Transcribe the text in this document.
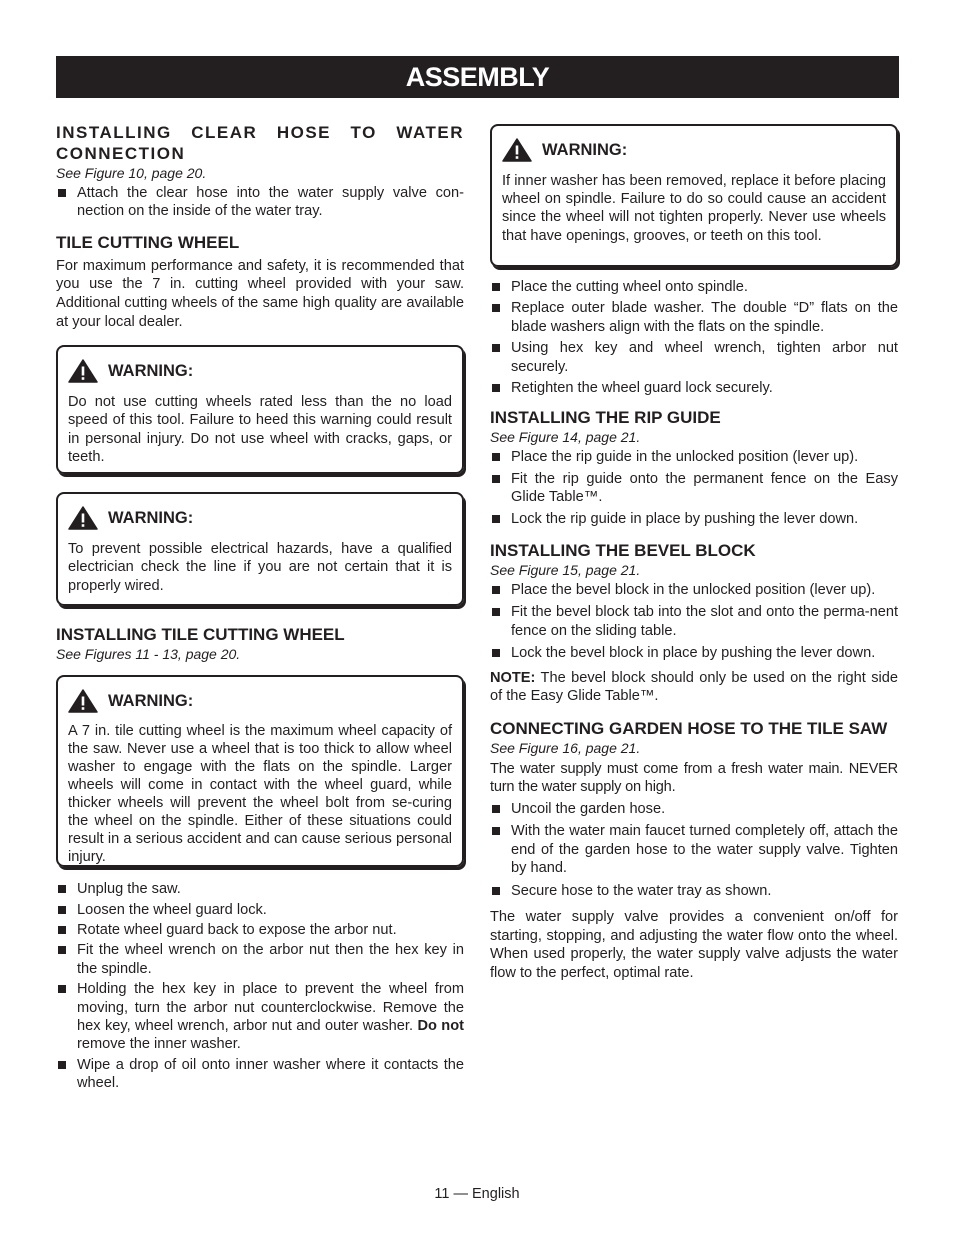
ASSEMBLY
INSTALLING CLEAR HOSE TO WATER CONNECTION

See Figure 10, page 20.

Attach the clear hose into the water supply valve con-nection on the inside of the water tray.
TILE CUTTING WHEEL

For maximum performance and safety, it is recommended that you use the 7 in. cutting wheel provided with your saw. Additional cutting wheels of the same high quality are available at your local dealer.

WARNING:

Do not use cutting wheels rated less than the no load speed of this tool. Failure to heed this warning could result in personal injury. Do not use wheel with cracks, gaps, or teeth.

WARNING:

To prevent possible electrical hazards, have a qualified electrician check the line if you are not certain that it is properly wired.

INSTALLING TILE CUTTING WHEEL

See Figures 11 - 13, page 20.

WARNING:

A 7 in. tile cutting wheel is the maximum wheel capacity of the saw. Never use a wheel that is too thick to allow wheel washer to engage with the flats on the spindle. Larger wheels will come in contact with the wheel guard, while thicker wheels will prevent the wheel bolt from se-curing the wheel on the spindle. Either of these situations could result in a serious accident and can cause serious personal injury.

Unplug the saw.
Loosen the wheel guard lock.
Rotate wheel guard back to expose the arbor nut.
Fit the wheel wrench on the arbor nut then the hex key in the spindle.
Holding the hex key in place to prevent the wheel from moving, turn the arbor nut counterclockwise. Remove the hex key, wheel wrench, arbor nut and outer washer. Do not remove the inner washer.
Wipe a drop of oil onto inner washer where it contacts the wheel.
WARNING:

If inner washer has been removed, replace it before placing wheel on spindle. Failure to do so could cause an accident since the wheel will not tighten properly. Never use wheels that have openings, grooves, or teeth on this tool.

Place the cutting wheel onto spindle.
Replace outer blade washer. The double “D” flats on the blade washers align with the flats on the spindle.
Using hex key and wheel wrench, tighten arbor nut securely.
Retighten the wheel guard lock securely.
INSTALLING THE RIP GUIDE

See Figure 14, page 21.

Place the rip guide in the unlocked position (lever up).
Fit the rip guide onto the permanent fence on the Easy Glide Table™.
Lock the rip guide in place by pushing the lever down.
INSTALLING THE BEVEL BLOCK

See Figure 15, page 21.

Place the bevel block in the unlocked position (lever up).
Fit the bevel block tab into the slot and onto the perma-nent fence on the sliding table.
Lock the bevel block in place by pushing the lever down.

NOTE: The bevel block should only be used on the right side of the Easy Glide Table™.

CONNECTING GARDEN HOSE TO THE TILE SAW

See Figure 16, page 21.

The water supply must come from a fresh water main. NEVER turn the water supply on high.

Uncoil the garden hose.
With the water main faucet turned completely off, attach the end of the garden hose to the water supply valve. Tighten by hand.
Secure hose to the water tray as shown.

The water supply valve provides a convenient on/off for starting, stopping, and adjusting the water flow onto the wheel. When used properly, the water supply valve adjusts the water flow to the perfect, optimal rate.

11 — English
